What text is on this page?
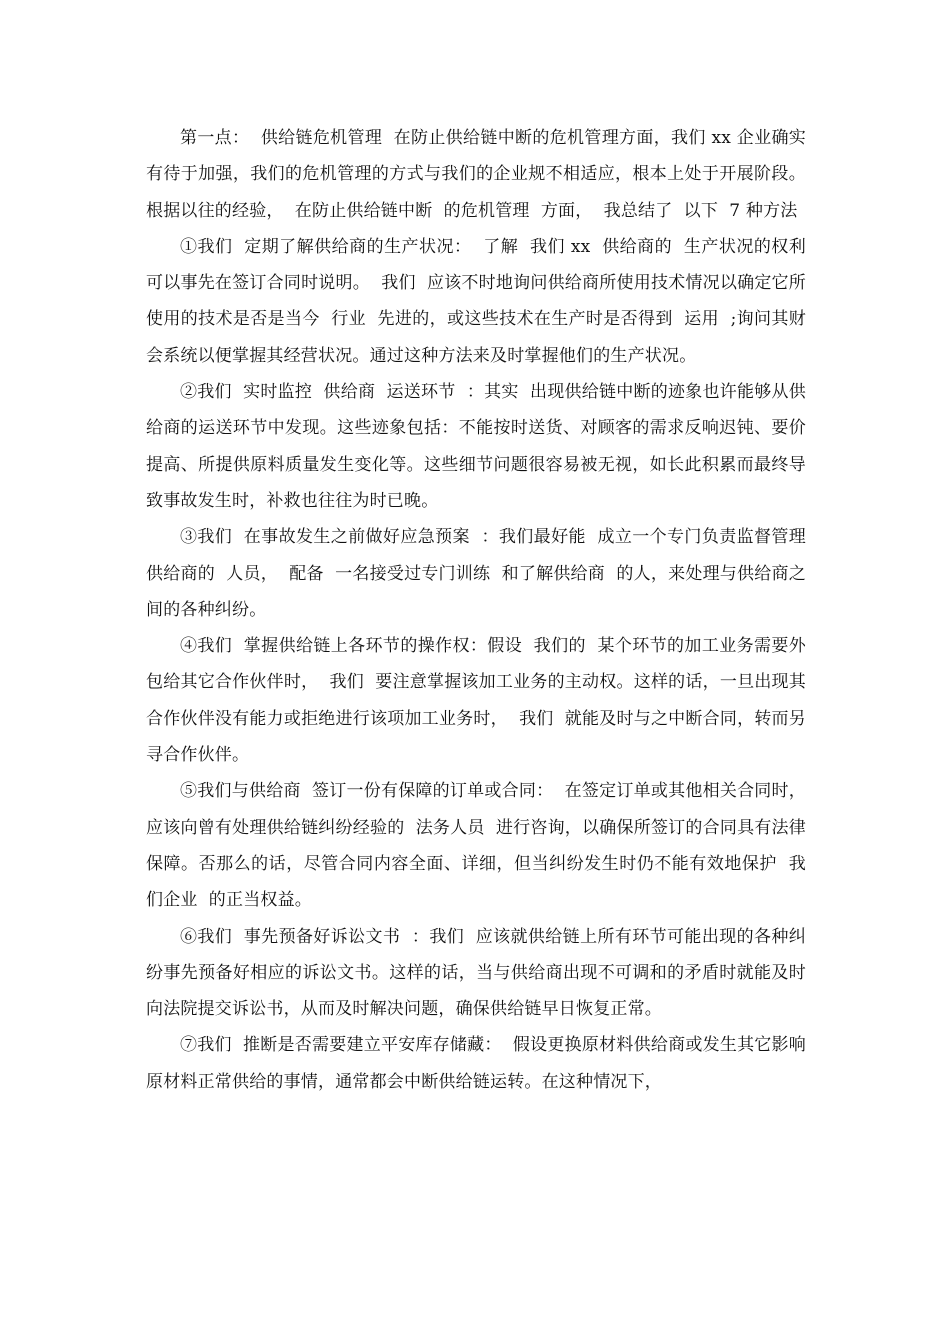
第一点：  供给链危机管理  在防止供给链中断的危机管理方面，我们 xx 企业确实有待于加强，我们的危机管理的方式与我们的企业规不相适应，根本上处于开展阶段。根据以往的经验，  在防止供给链中断  的危机管理  方面，  我总结了  以下  7 种方法

①我们  定期了解供给商的生产状况：  了解  我们 xx  供给商的  生产状况的权利可以事先在签订合同时说明。  我们  应该不时地询问供给商所使用技术情况以确定它所使用的技术是否是当今  行业  先进的，或这些技术在生产时是否得到  运用  ;询问其财会系统以便掌握其经营状况。通过这种方法来及时掌握他们的生产状况。

②我们  实时监控  供给商  运送环节  ：其实  出现供给链中断的迹象也许能够从供给商的运送环节中发现。这些迹象包括：不能按时送货、对顾客的需求反响迟钝、要价提高、所提供原料质量发生变化等。这些细节问题很容易被无视，如长此积累而最终导致事故发生时，补救也往往为时已晚。

③我们  在事故发生之前做好应急预案  ：我们最好能  成立一个专门负责监督管理供给商的  人员，  配备  一名接受过专门训练  和了解供给商  的人，来处理与供给商之间的各种纠纷。

④我们  掌握供给链上各环节的操作权：假设  我们的  某个环节的加工业务需要外包给其它合作伙伴时，  我们  要注意掌握该加工业务的主动权。这样的话，一旦出现其合作伙伴没有能力或拒绝进行该项加工业务时，  我们  就能及时与之中断合同，转而另寻合作伙伴。

⑤我们与供给商  签订一份有保障的订单或合同：  在签定订单或其他相关合同时，应该向曾有处理供给链纠纷经验的  法务人员  进行咨询，以确保所签订的合同具有法律保障。否那么的话，尽管合同内容全面、详细，但当纠纷发生时仍不能有效地保护  我们企业  的正当权益。

⑥我们  事先预备好诉讼文书  ：我们  应该就供给链上所有环节可能出现的各种纠纷事先预备好相应的诉讼文书。这样的话，当与供给商出现不可调和的矛盾时就能及时向法院提交诉讼书，从而及时解决问题，确保供给链早日恢复正常。

⑦我们  推断是否需要建立平安库存储藏：  假设更换原材料供给商或发生其它影响原材料正常供给的事情，通常都会中断供给链运转。在这种情况下，
